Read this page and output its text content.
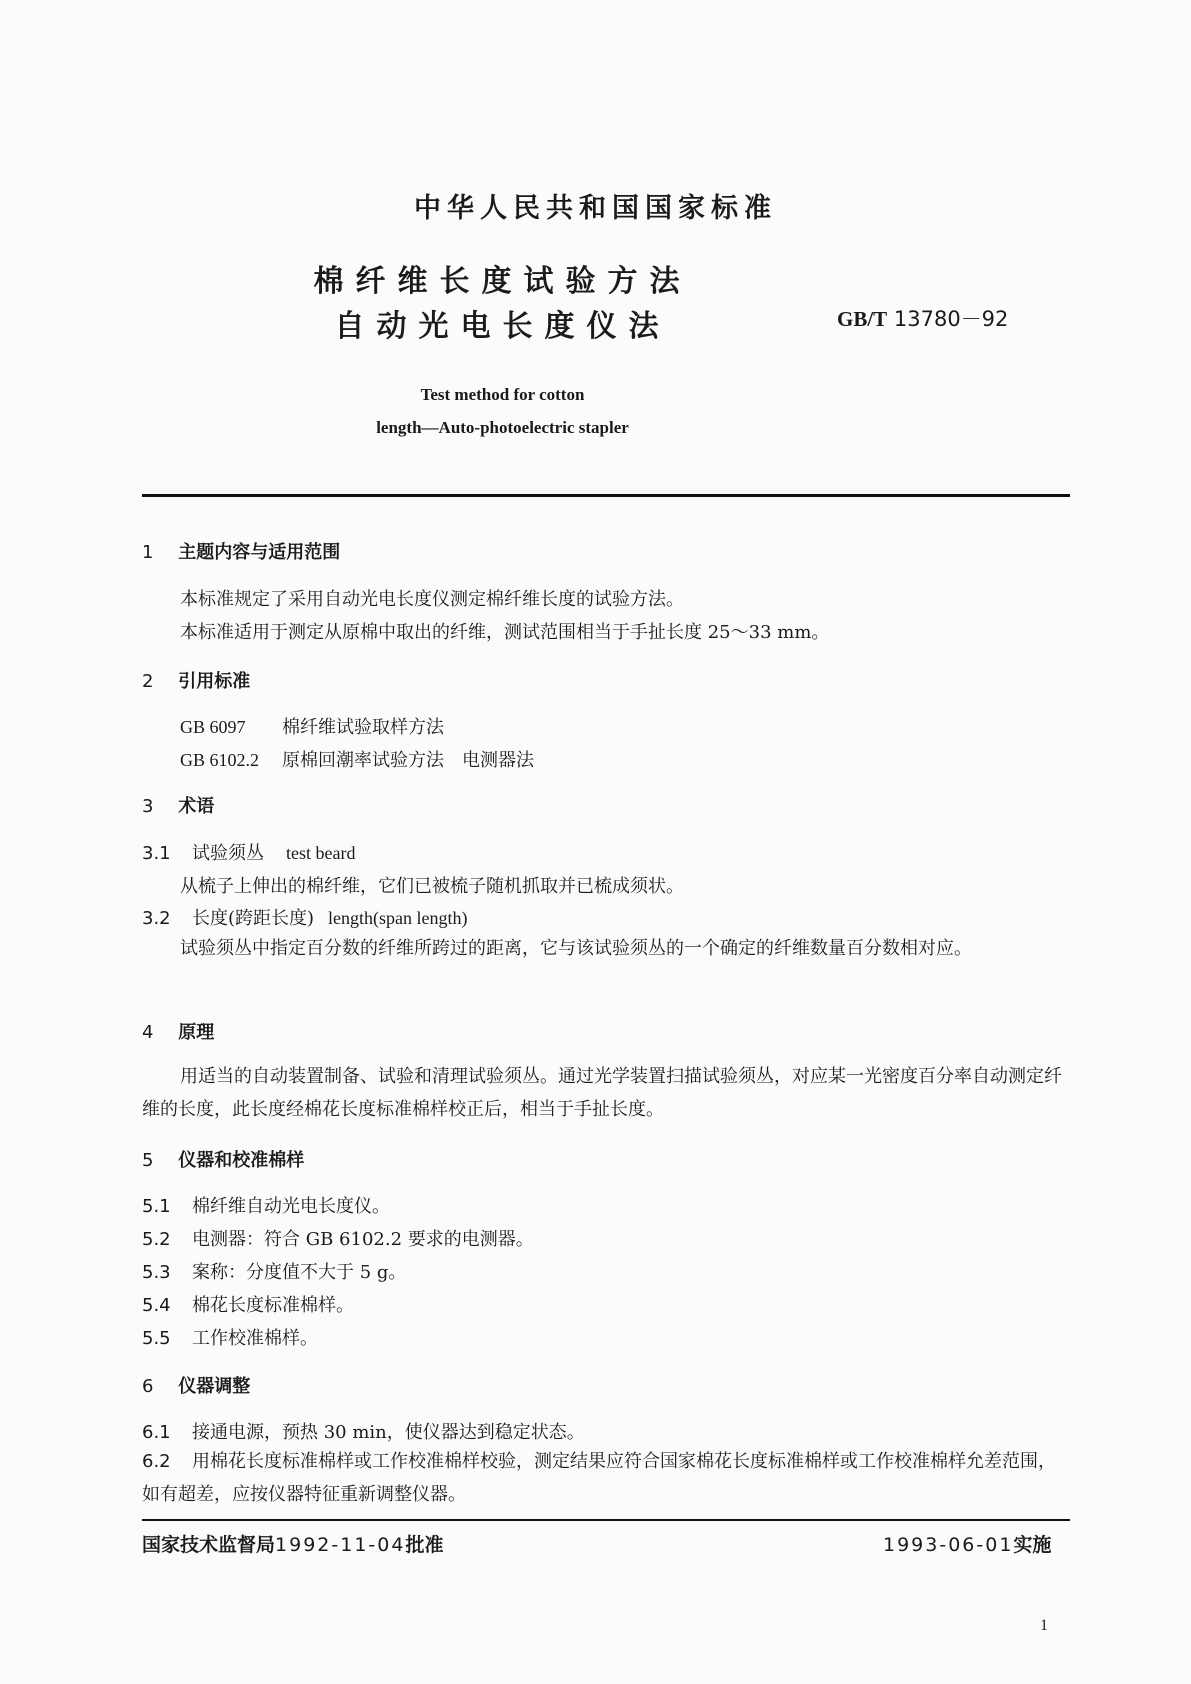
中华人民共和国国家标准
棉纤维长度试验方法
自动光电长度仪法	GB/T 13780－92
Test method for cotton
length—Auto-photoelectric stapler
1 主题内容与适用范围
本标准规定了采用自动光电长度仪测定棉纤维长度的试验方法。
本标准适用于测定从原棉中取出的纤维，测试范围相当于手扯长度 25～33 mm。
2 引用标准
GB 6097 棉纤维试验取样方法
GB 6102.2 原棉回潮率试验方法　电测器法
3 术语
3.1 试验须丛 test beard
从梳子上伸出的棉纤维，它们已被梳子随机抓取并已梳成须状。
3.2 长度(跨距长度) length(span length)
试验须丛中指定百分数的纤维所跨过的距离，它与该试验须丛的一个确定的纤维数量百分数相对应。
4 原理
用适当的自动装置制备、试验和清理试验须丛。通过光学装置扫描试验须丛，对应某一光密度百分率自动测定纤维的长度，此长度经棉花长度标准棉样校正后，相当于手扯长度。
5 仪器和校准棉样
5.1 棉纤维自动光电长度仪。
5.2 电测器：符合 GB 6102.2 要求的电测器。
5.3 案称：分度值不大于 5 g。
5.4 棉花长度标准棉样。
5.5 工作校准棉样。
6 仪器调整
6.1 接通电源，预热 30 min，使仪器达到稳定状态。
6.2 用棉花长度标准棉样或工作校准棉样校验，测定结果应符合国家棉花长度标准棉样或工作校准棉样允差范围，如有超差，应按仪器特征重新调整仪器。
国家技术监督局1992-11-04批准	1993-06-01实施
1
